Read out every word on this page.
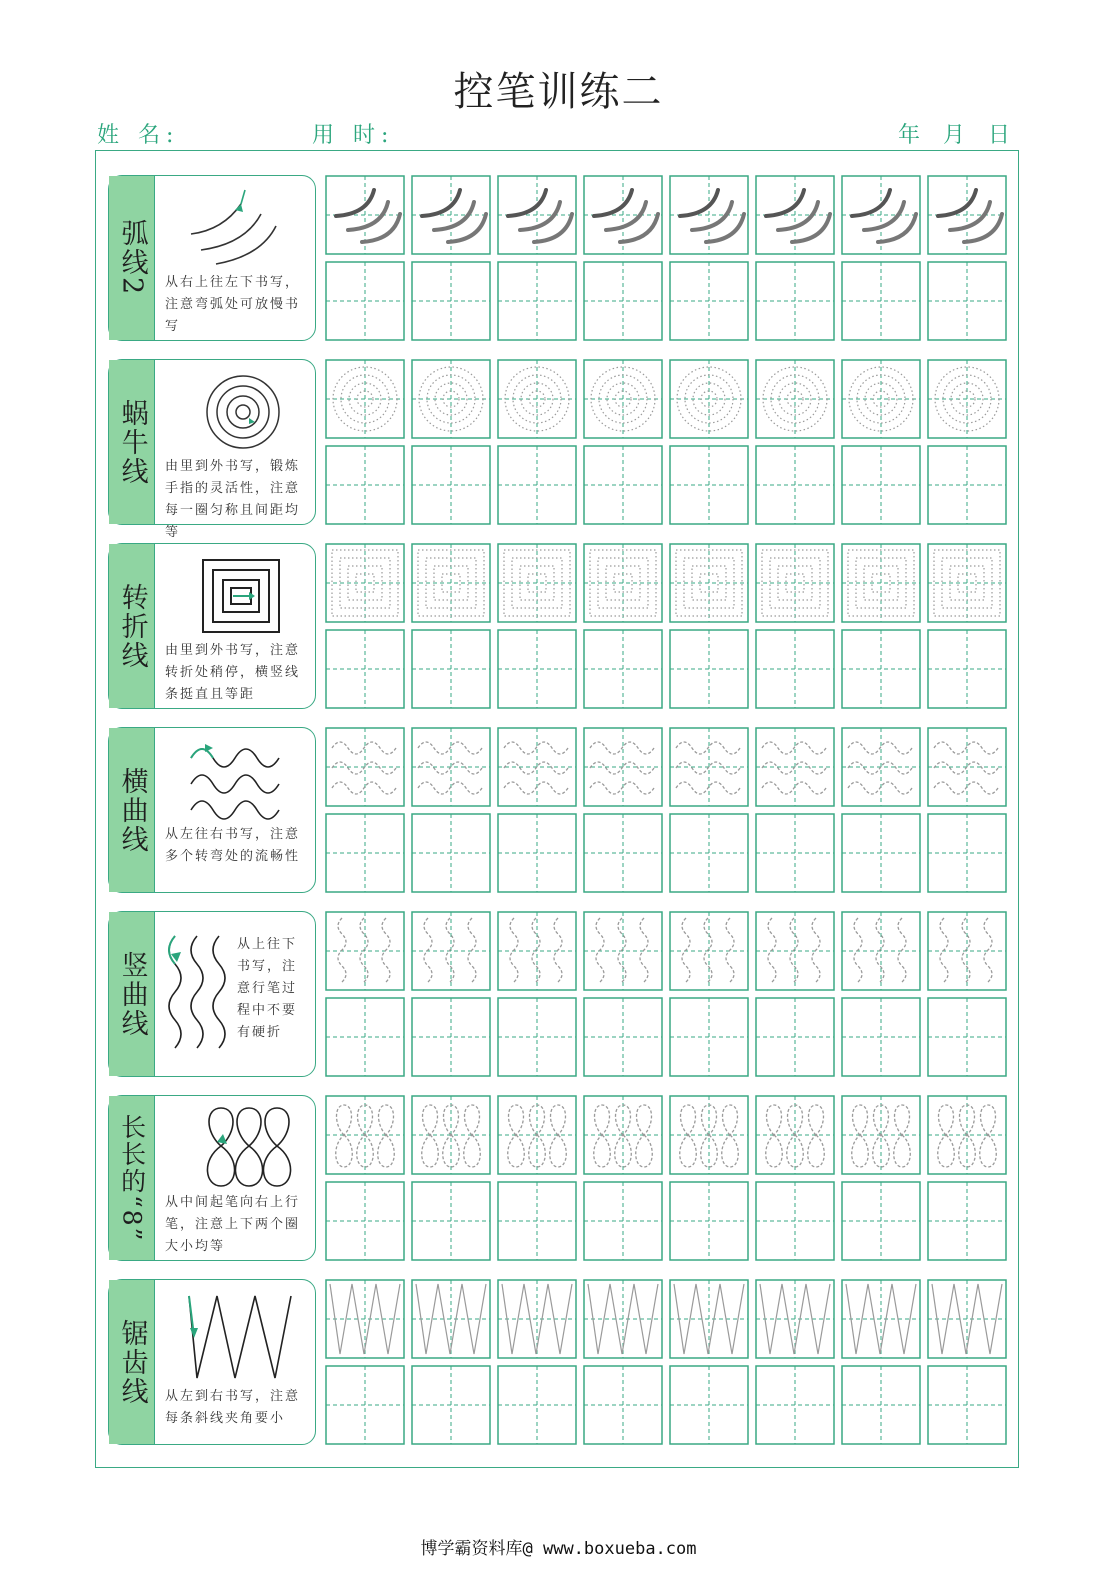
控笔训练二
姓 名:	用 时:	年 月 日
弧线2 从右上往左下书写，注意弯弧处可放慢书写
蜗牛线 由里到外书写，锻炼手指的灵活性，注意每一圈匀称且间距均等
转折线 由里到外书写，注意转折处稍停，横竖线条挺直且等距
横曲线 从左往右书写，注意多个转弯处的流畅性
竖曲线
从上往下书写，注意行笔过程中不要有硬折
长长的“8” 从中间起笔向右上行笔，注意上下两个圈大小均等
锯齿线 从左到右书写，注意每条斜线夹角要小
博学霸资料库@ www.boxueba.com
